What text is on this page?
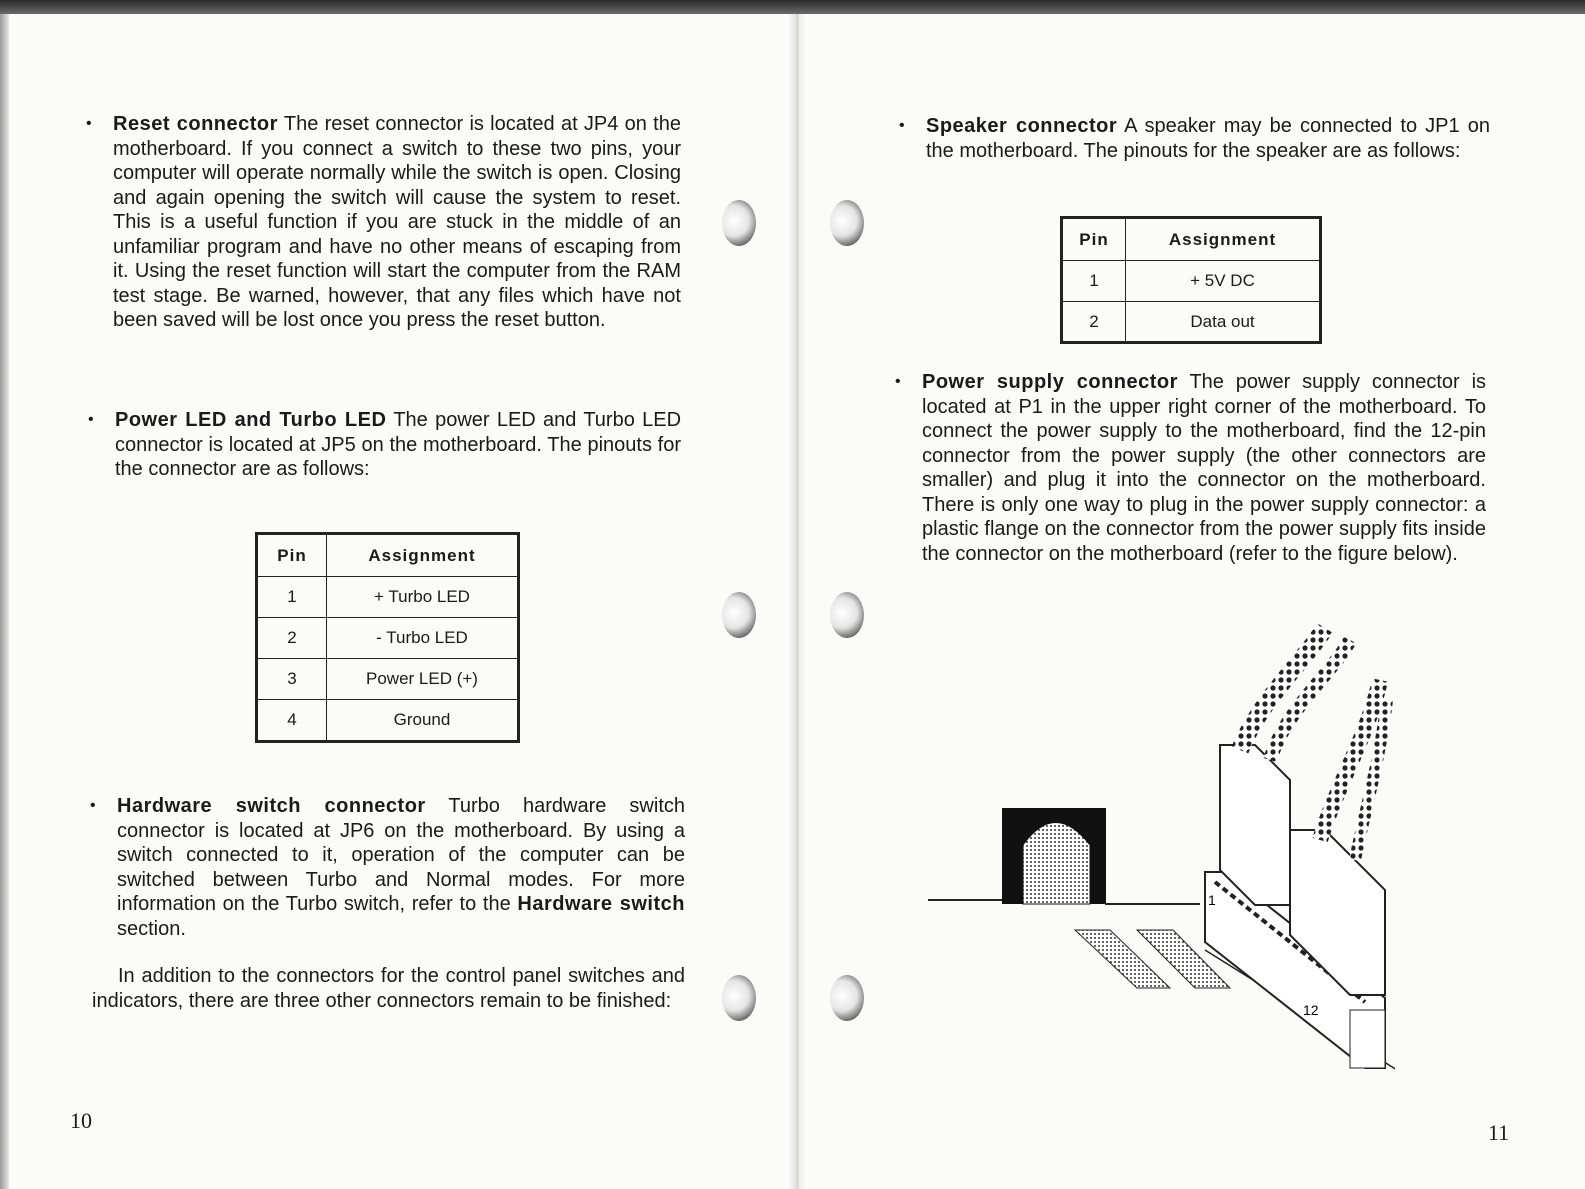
• Reset connector The reset connector is located at JP4 on the motherboard. If you connect a switch to these two pins, your computer will operate normally while the switch is open. Closing and again opening the switch will cause the system to reset. This is a useful function if you are stuck in the middle of an unfamiliar program and have no other means of escaping from it. Using the reset function will start the computer from the RAM test stage. Be warned, however, that any files which have not been saved will be lost once you press the reset button.
• Power LED and Turbo LED The power LED and Turbo LED connector is located at JP5 on the motherboard. The pinouts for the connector are as follows:
Pin	Assignment
1	+ Turbo LED
2	- Turbo LED
3	Power LED (+)
4	Ground
• Hardware switch connector Turbo hardware switch connector is located at JP6 on the motherboard. By using a switch connected to it, operation of the computer can be switched between Turbo and Normal modes. For more information on the Turbo switch, refer to the Hardware switch section.
In addition to the connectors for the control panel switches and indicators, there are three other connectors remain to be finished:
10
• Speaker connector A speaker may be connected to JP1 on the motherboard. The pinouts for the speaker are as follows:
Pin	Assignment
1	+ 5V DC
2	Data out
• Power supply connector The power supply connector is located at P1 in the upper right corner of the motherboard. To connect the power supply to the motherboard, find the 12-pin connector from the power supply (the other connectors are smaller) and plug it into the connector on the motherboard. There is only one way to plug in the power supply connector: a plastic flange on the connector from the power supply fits inside the connector on the motherboard (refer to the figure below).
1
12
11
